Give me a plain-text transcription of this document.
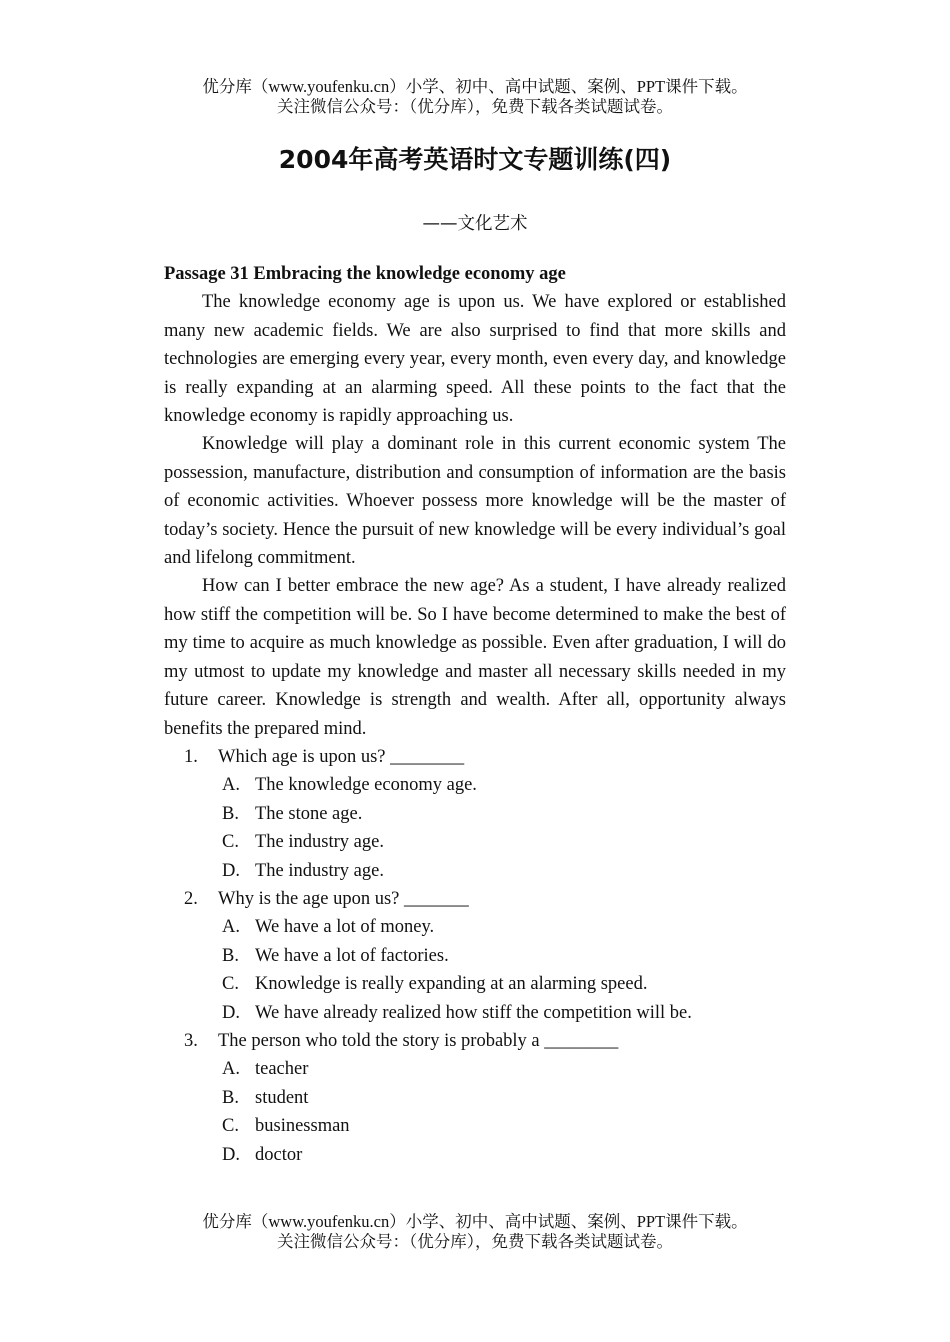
优分库（www.youfenku.cn）小学、初中、高中试题、案例、PPT课件下载。
关注微信公众号：（优分库），免费下载各类试题试卷。
2004年高考英语时文专题训练(四)
——文化艺术
Passage 31 Embracing the knowledge economy age

The knowledge economy age is upon us. We have explored or established many new academic fields. We are also surprised to find that more skills and technologies are emerging every year, every month, even every day, and knowledge is really expanding at an alarming speed. All these points to the fact that the knowledge economy is rapidly approaching us.

Knowledge will play a dominant role in this current economic system The possession, manufacture, distribution and consumption of information are the basis of economic activities. Whoever possess more knowledge will be the master of today’s society. Hence the pursuit of new knowledge will be every individual’s goal and lifelong commitment.

How can I better embrace the new age? As a student, I have already realized how stiff the competition will be. So I have become determined to make the best of my time to acquire as much knowledge as possible. Even after graduation, I will do my utmost to update my knowledge and master all necessary skills needed in my future career. Knowledge is strength and wealth. After all, opportunity always benefits the prepared mind.

1. Which age is upon us? ________
A. The knowledge economy age.
B. The stone age.
C. The industry age.
D. The industry age.
2. Why is the age upon us? _______
A. We have a lot of money.
B. We have a lot of factories.
C. Knowledge is really expanding at an alarming speed.
D. We have already realized how stiff the competition will be.
3. The person who told the story is probably a ________
A. teacher
B. student
C. businessman
D. doctor
优分库（www.youfenku.cn）小学、初中、高中试题、案例、PPT课件下载。
关注微信公众号：（优分库），免费下载各类试题试卷。
